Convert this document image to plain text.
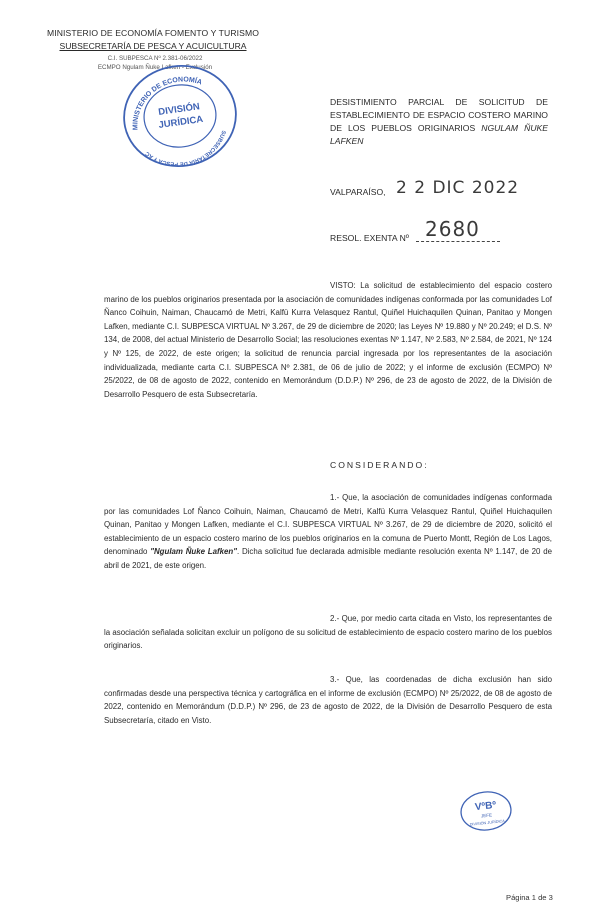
MINISTERIO DE ECONOMÍA FOMENTO Y TURISMO
SUBSECRETARÍA DE PESCA Y ACUICULTURA
C.I. SUBPESCA Nº 2.381-06/2022
ECMPO Ngulam Ñuke Lafken - Exclusión
MINISTERIO DE ECONOMÍA
SUBSECRETARÍA DE PESCA Y ACUICULTURA
DIVISIÓN
JURÍDICA
DESISTIMIENTO PARCIAL DE SOLICITUD DE ESTABLECIMIENTO DE ESPACIO COSTERO MARINO DE LOS PUEBLOS ORIGINARIOS NGULAM ÑUKE LAFKEN
VALPARAÍSO, 2 2 DIC 2022
RESOL. EXENTA Nº 2680
VISTO: La solicitud de establecimiento del espacio costero marino de los pueblos originarios presentada por la asociación de comunidades indígenas conformada por las comunidades Lof Ñanco Coihuin, Naiman, Chaucamó de Metri, Kalfü Kurra Velasquez Rantul, Quiñel Huichaquilen Quinan, Panitao y Mongen Lafken, mediante C.I. SUBPESCA VIRTUAL Nº 3.267, de 29 de diciembre de 2020; las Leyes Nº 19.880 y Nº 20.249; el D.S. Nº 134, de 2008, del actual Ministerio de Desarrollo Social; las resoluciones exentas Nº 1.147, Nº 2.583, Nº 2.584, de 2021, Nº 124 y Nº 125, de 2022, de este origen; la solicitud de renuncia parcial ingresada por los representantes de la asociación individualizada, mediante carta C.I. SUBPESCA Nº 2.381, de 06 de julio de 2022; y el informe de exclusión (ECMPO) Nº 25/2022, de 08 de agosto de 2022, contenido en Memorándum (D.D.P.) Nº 296, de 23 de agosto de 2022, de la División de Desarrollo Pesquero de esta Subsecretaría.
CONSIDERANDO:
1.- Que, la asociación de comunidades indígenas conformada por las comunidades Lof Ñanco Coihuin, Naiman, Chaucamó de Metri, Kalfü Kurra Velasquez Rantul, Quiñel Huichaquilen Quinan, Panitao y Mongen Lafken, mediante el C.I. SUBPESCA VIRTUAL Nº 3.267, de 29 de diciembre de 2020, solicitó el establecimiento de un espacio costero marino de los pueblos originarios en la comuna de Puerto Montt, Región de Los Lagos, denominado "Ngulam Ñuke Lafken". Dicha solicitud fue declarada admisible mediante resolución exenta Nº 1.147, de 20 de abril de 2021, de este origen.
2.- Que, por medio carta citada en Visto, los representantes de la asociación señalada solicitan excluir un polígono de su solicitud de establecimiento de espacio costero marino de los pueblos originarios.
3.- Que, las coordenadas de dicha exclusión han sido confirmadas desde una perspectiva técnica y cartográfica en el informe de exclusión (ECMPO) Nº 25/2022, de 08 de agosto de 2022, contenido en Memorándum (D.D.P.) Nº 296, de 23 de agosto de 2022, de la División de Desarrollo Pesquero de esta Subsecretaría, citado en Visto.
VºBº
JEFE
DIVISIÓN JURÍDICA
Página 1 de 3
